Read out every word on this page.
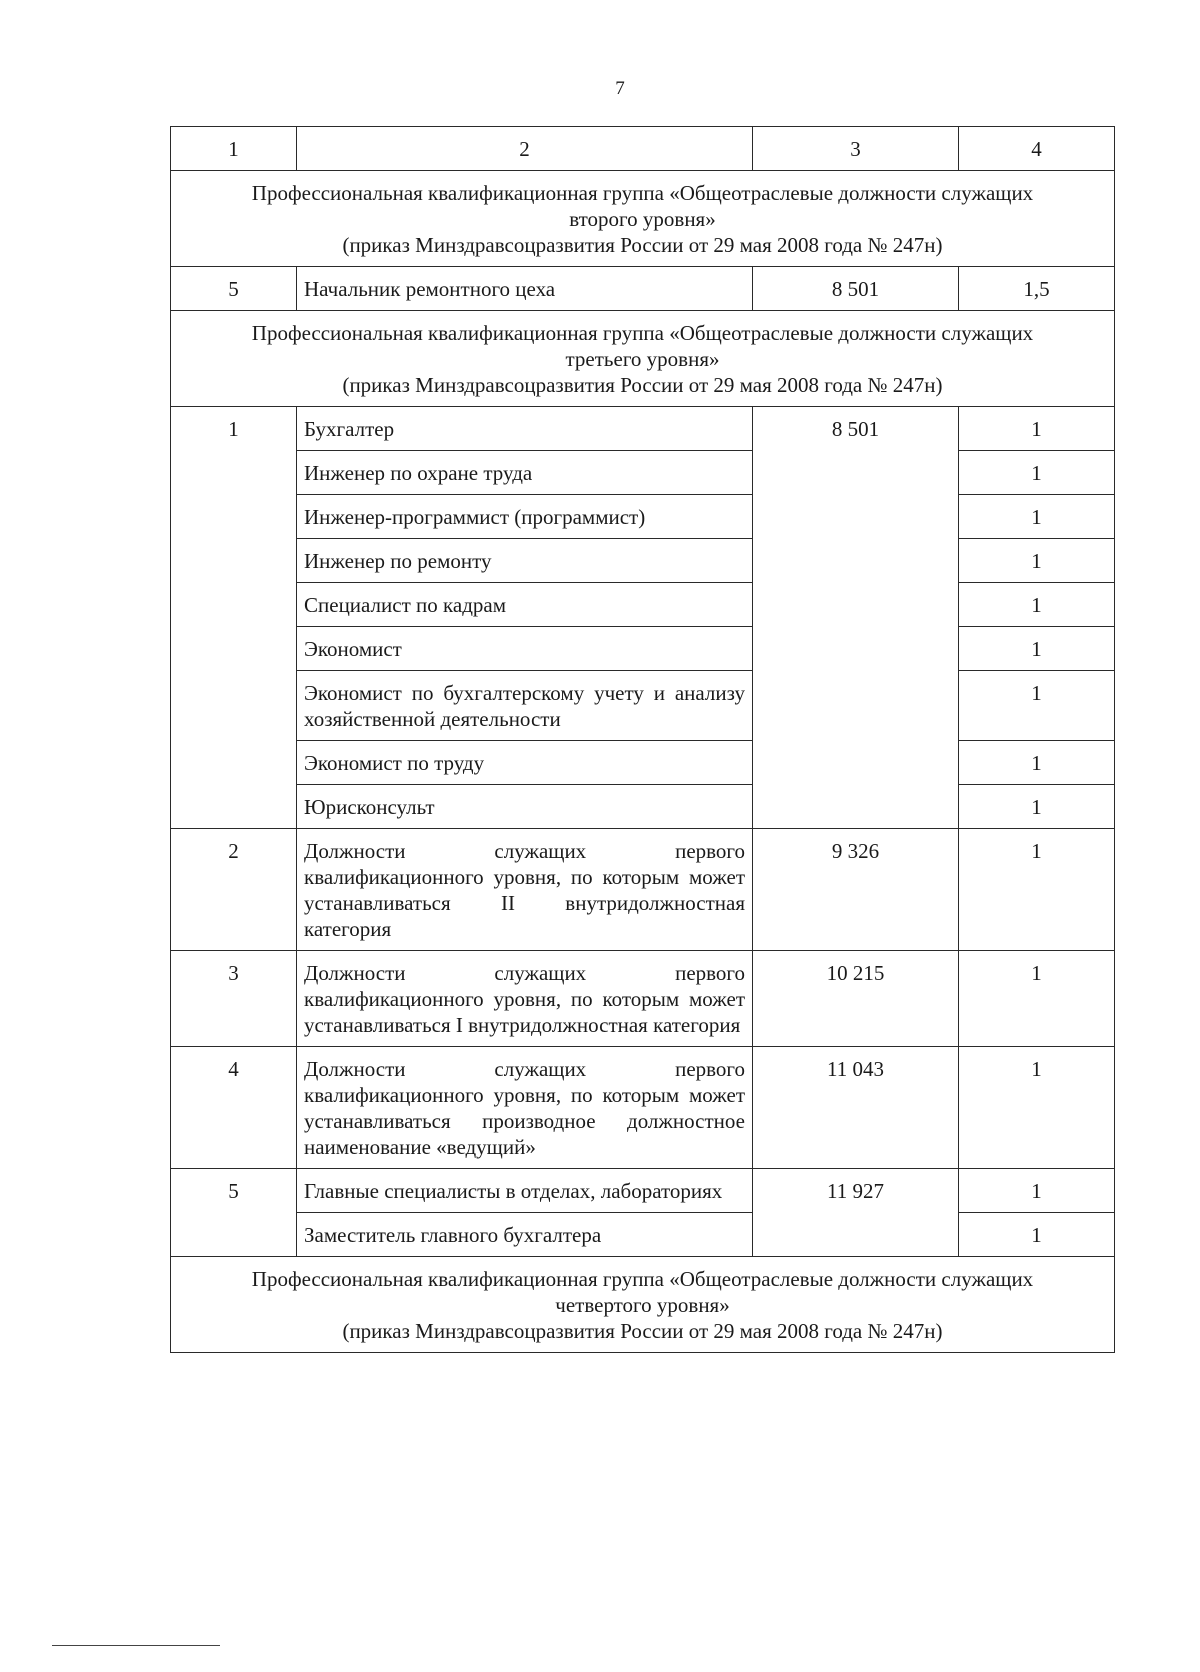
7
1	2	3	4

Профессиональная квалификационная группа «Общеотраслевые должности служащих
второго уровня»
(приказ Минздравсоцразвития России от 29 мая 2008 года № 247н)			

5	Начальник ремонтного цеха	8 501	1,5

Профессиональная квалификационная группа «Общеотраслевые должности служащих
третьего уровня»
(приказ Минздравсоцразвития России от 29 мая 2008 года № 247н)			

1	Бухгалтер	8 501	1
	Инженер по охране труда		1
	Инженер-программист (программист)		1
	Инженер по ремонту		1
	Специалист по кадрам		1
	Экономист		1
	Экономист по бухгалтерскому учету и анализу хозяйственной деятельности		1
	Экономист по труду		1
	Юрисконсульт		1
2	Должности служащих первого квалификационного уровня, по которым может устанавливаться II внутридолжностная категория	9 326	1
3	Должности служащих первого квалификационного уровня, по которым может устанавливаться I внутридолжностная категория	10 215	1
4	Должности служащих первого квалификационного уровня, по которым может устанавливаться производное должностное наименование «ведущий»	11 043	1
5	Главные специалисты в отделах, лабораториях	11 927	1
	Заместитель главного бухгалтера		1

Профессиональная квалификационная группа «Общеотраслевые должности служащих
четвертого уровня»
(приказ Минздравсоцразвития России от 29 мая 2008 года № 247н)			
